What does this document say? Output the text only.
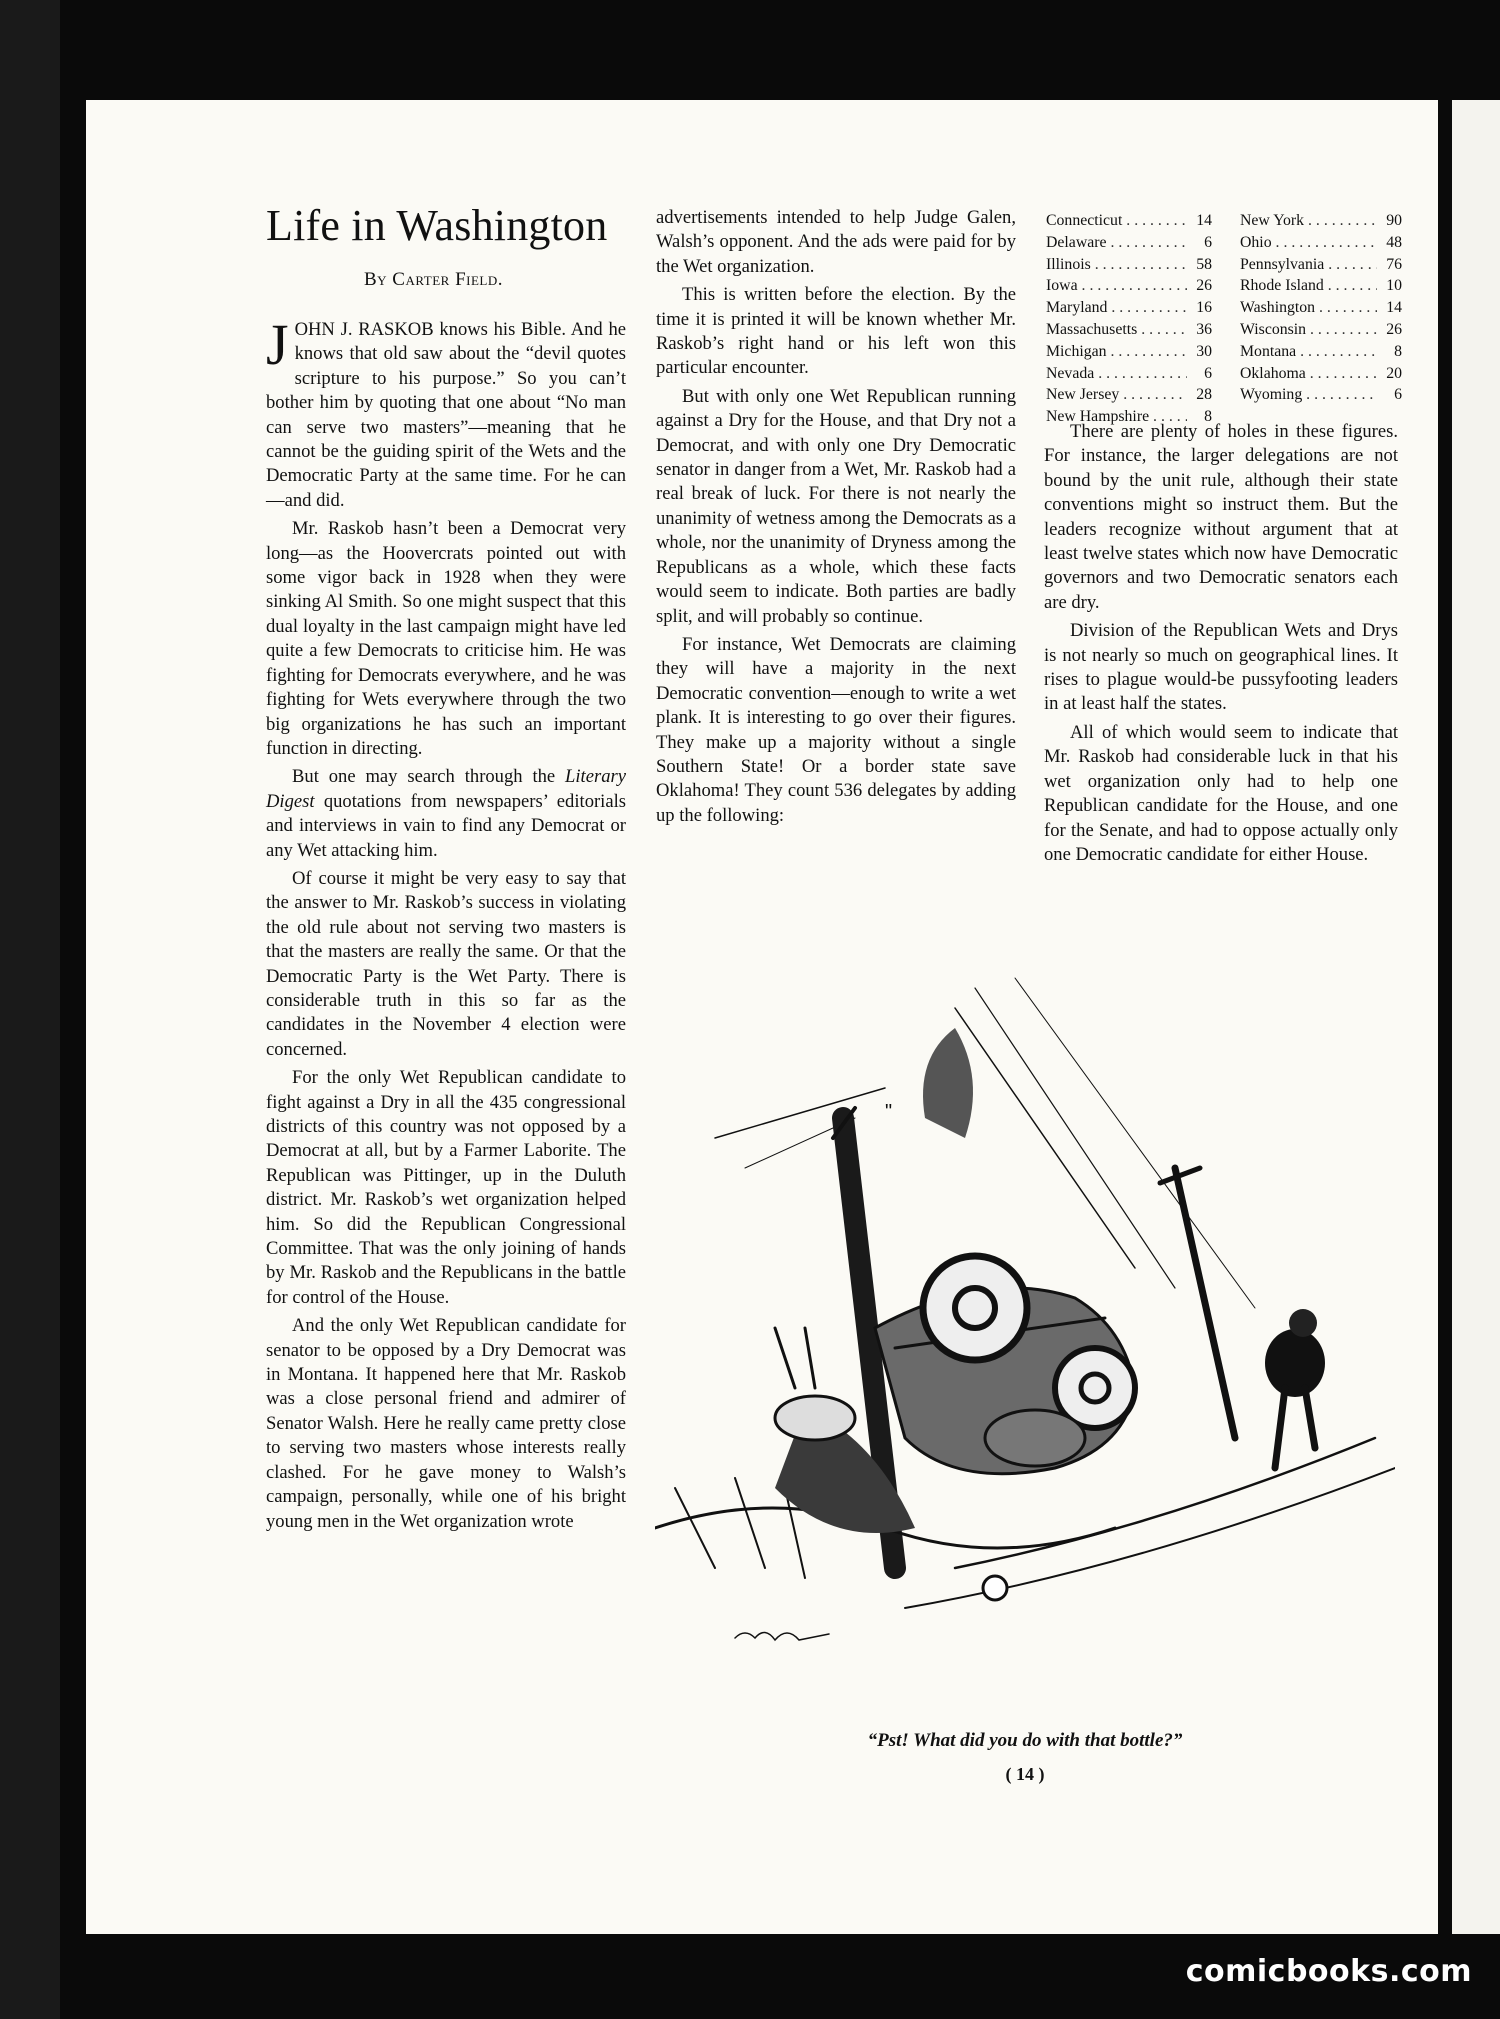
Life in Washington
By Carter Field.

JOHN J. RASKOB knows his Bible. And he knows that old saw about the “devil quotes scripture to his purpose.” So you can’t bother him by quoting that one about “No man can serve two masters”—meaning that he cannot be the guiding spirit of the Wets and the Democratic Party at the same time. For he can—and did.

Mr. Raskob hasn’t been a Democrat very long—as the Hoovercrats pointed out with some vigor back in 1928 when they were sinking Al Smith. So one might suspect that this dual loyalty in the last campaign might have led quite a few Democrats to criticise him. He was fighting for Democrats everywhere, and he was fighting for Wets everywhere through the two big organizations he has such an important function in directing.

But one may search through the Literary Digest quotations from newspapers’ editorials and interviews in vain to find any Democrat or any Wet attacking him.

Of course it might be very easy to say that the answer to Mr. Raskob’s success in violating the old rule about not serving two masters is that the masters are really the same. Or that the Democratic Party is the Wet Party. There is considerable truth in this so far as the candidates in the November 4 election were concerned.

For the only Wet Republican candidate to fight against a Dry in all the 435 congressional districts of this country was not opposed by a Democrat at all, but by a Farmer Laborite. The Republican was Pittinger, up in the Duluth district. Mr. Raskob’s wet organization helped him. So did the Republican Congressional Committee. That was the only joining of hands by Mr. Raskob and the Republicans in the battle for control of the House.

And the only Wet Republican candidate for senator to be opposed by a Dry Democrat was in Montana. It happened here that Mr. Raskob was a close personal friend and admirer of Senator Walsh. Here he really came pretty close to serving two masters whose interests really clashed. For he gave money to Walsh’s campaign, personally, while one of his bright young men in the Wet organization wrote

advertisements intended to help Judge Galen, Walsh’s opponent. And the ads were paid for by the Wet organization.

This is written before the election. By the time it is printed it will be known whether Mr. Raskob’s right hand or his left won this particular encounter.

But with only one Wet Republican running against a Dry for the House, and that Dry not a Democrat, and with only one Dry Democratic senator in danger from a Wet, Mr. Raskob had a real break of luck. For there is not nearly the unanimity of wetness among the Democrats as a whole, nor the unanimity of Dryness among the Republicans as a whole, which these facts would seem to indicate. Both parties are badly split, and will probably so continue.

For instance, Wet Democrats are claiming they will have a majority in the next Democratic convention—enough to write a wet plank. It is interesting to go over their figures. They make up a majority without a single Southern State! Or a border state save Oklahoma! They count 536 delegates by adding up the following:

Connecticut . . .	14
Delaware . . .	6
Illinois . . .	58
Iowa . . .	26
Maryland . . .	16
Massachusetts . . .	36
Michigan . . .	30
Nevada . . .	6
New Jersey . . .	28
New Hampshire . . .	8
New York . . .	90
Ohio . . .	48
Pennsylvania . . .	76
Rhode Island . . .	10
Washington . . .	14
Wisconsin . . .	26
Montana . . .	8
Oklahoma . . .	20
Wyoming . . .	6

There are plenty of holes in these figures. For instance, the larger delegations are not bound by the unit rule, although their state conventions might so instruct them. But the leaders recognize without argument that at least twelve states which now have Democratic governors and two Democratic senators each are dry.

Division of the Republican Wets and Drys is not nearly so much on geographical lines. It rises to plague would-be pussyfooting leaders in at least half the states.

All of which would seem to indicate that Mr. Raskob had considerable luck in that his wet organization only had to help one Republican candidate for the House, and one for the Senate, and had to oppose actually only one Democratic candidate for either House.

"
“Pst! What did you do with that bottle?”
( 14 )
comicbooks.com
